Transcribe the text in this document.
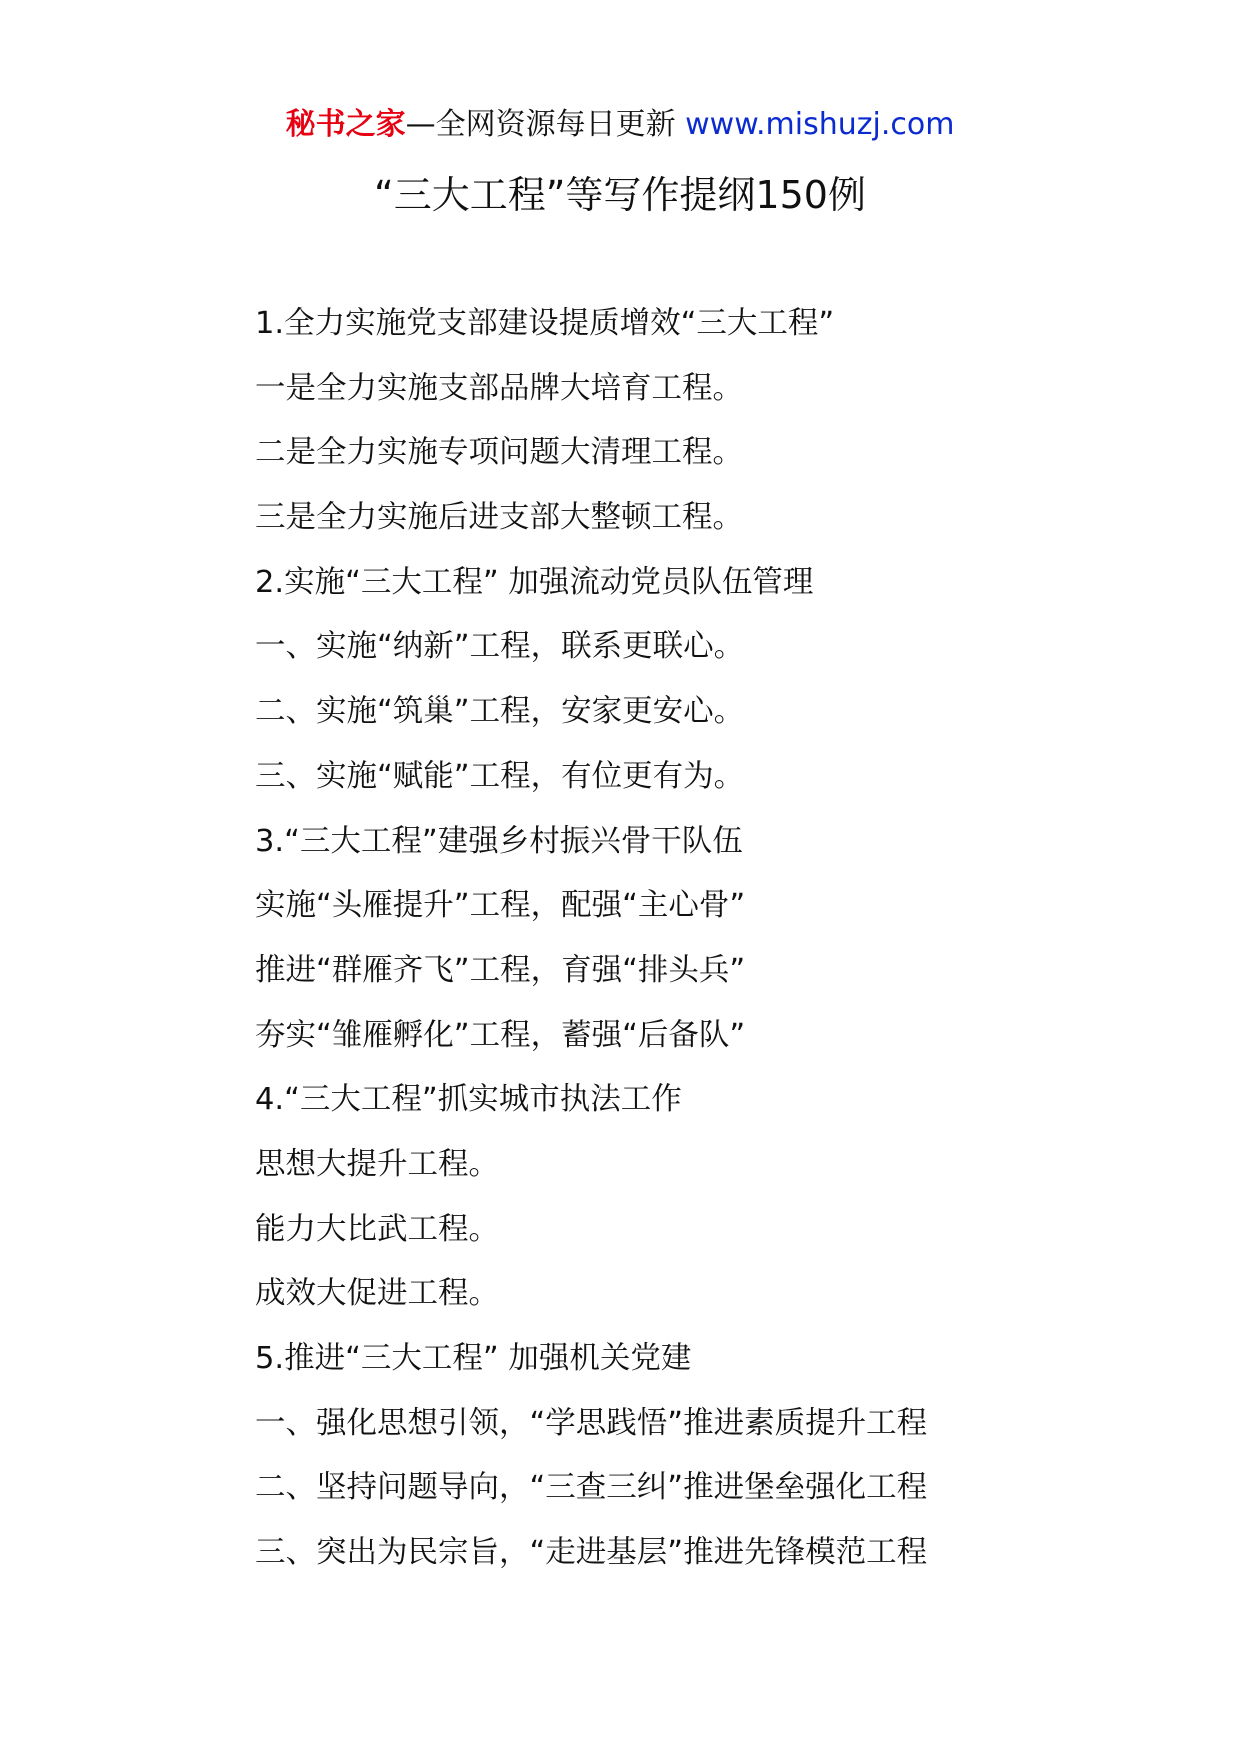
秘书之家—全网资源每日更新 www.mishuzj.com
“三大工程”等写作提纲150例
1.全力实施党支部建设提质增效“三大工程”
一是全力实施支部品牌大培育工程。
二是全力实施专项问题大清理工程。
三是全力实施后进支部大整顿工程。
2.实施“三大工程” 加强流动党员队伍管理
一、实施“纳新”工程，联系更联心。
二、实施“筑巢”工程，安家更安心。
三、实施“赋能”工程，有位更有为。
3.“三大工程”建强乡村振兴骨干队伍
实施“头雁提升”工程，配强“主心骨”
推进“群雁齐飞”工程，育强“排头兵”
夯实“雏雁孵化”工程，蓄强“后备队”
4.“三大工程”抓实城市执法工作
思想大提升工程。
能力大比武工程。
成效大促进工程。
5.推进“三大工程” 加强机关党建
一、强化思想引领，“学思践悟”推进素质提升工程
二、坚持问题导向，“三查三纠”推进堡垒强化工程
三、突出为民宗旨，“走进基层”推进先锋模范工程
